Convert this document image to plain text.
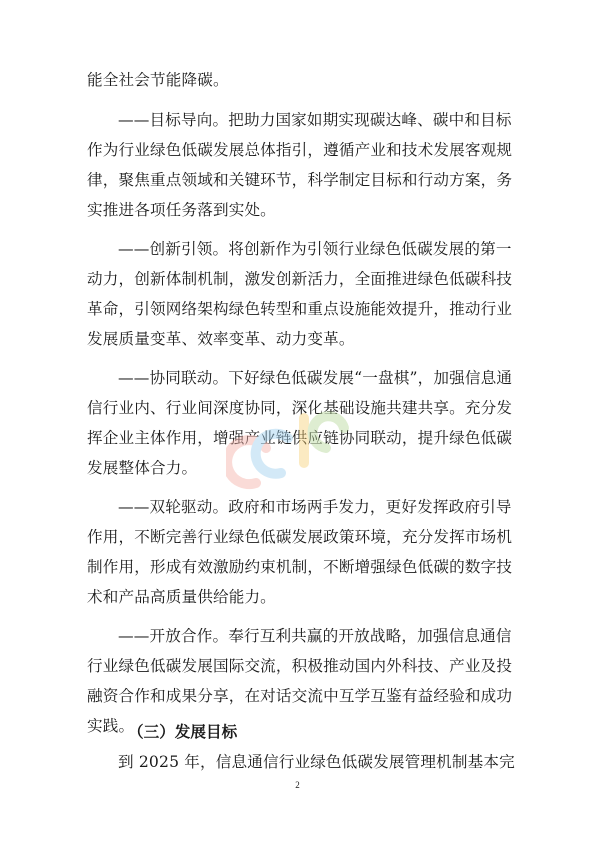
能全社会节能降碳。
——目标导向。把助力国家如期实现碳达峰、碳中和目标
作为行业绿色低碳发展总体指引，遵循产业和技术发展客观规
律，聚焦重点领域和关键环节，科学制定目标和行动方案，务
实推进各项任务落到实处。
——创新引领。将创新作为引领行业绿色低碳发展的第一
动力，创新体制机制，激发创新活力，全面推进绿色低碳科技
革命，引领网络架构绿色转型和重点设施能效提升，推动行业
发展质量变革、效率变革、动力变革。
——协同联动。下好绿色低碳发展“一盘棋”，加强信息通
信行业内、行业间深度协同，深化基础设施共建共享。充分发
挥企业主体作用，增强产业链供应链协同联动，提升绿色低碳
发展整体合力。
——双轮驱动。政府和市场两手发力，更好发挥政府引导
作用，不断完善行业绿色低碳发展政策环境，充分发挥市场机
制作用，形成有效激励约束机制，不断增强绿色低碳的数字技
术和产品高质量供给能力。
——开放合作。奉行互利共赢的开放战略，加强信息通信
行业绿色低碳发展国际交流，积极推动国内外科技、产业及投
融资合作和成果分享，在对话交流中互学互鉴有益经验和成功
实践。
（三）发展目标
到 2025 年，信息通信行业绿色低碳发展管理机制基本完
2
